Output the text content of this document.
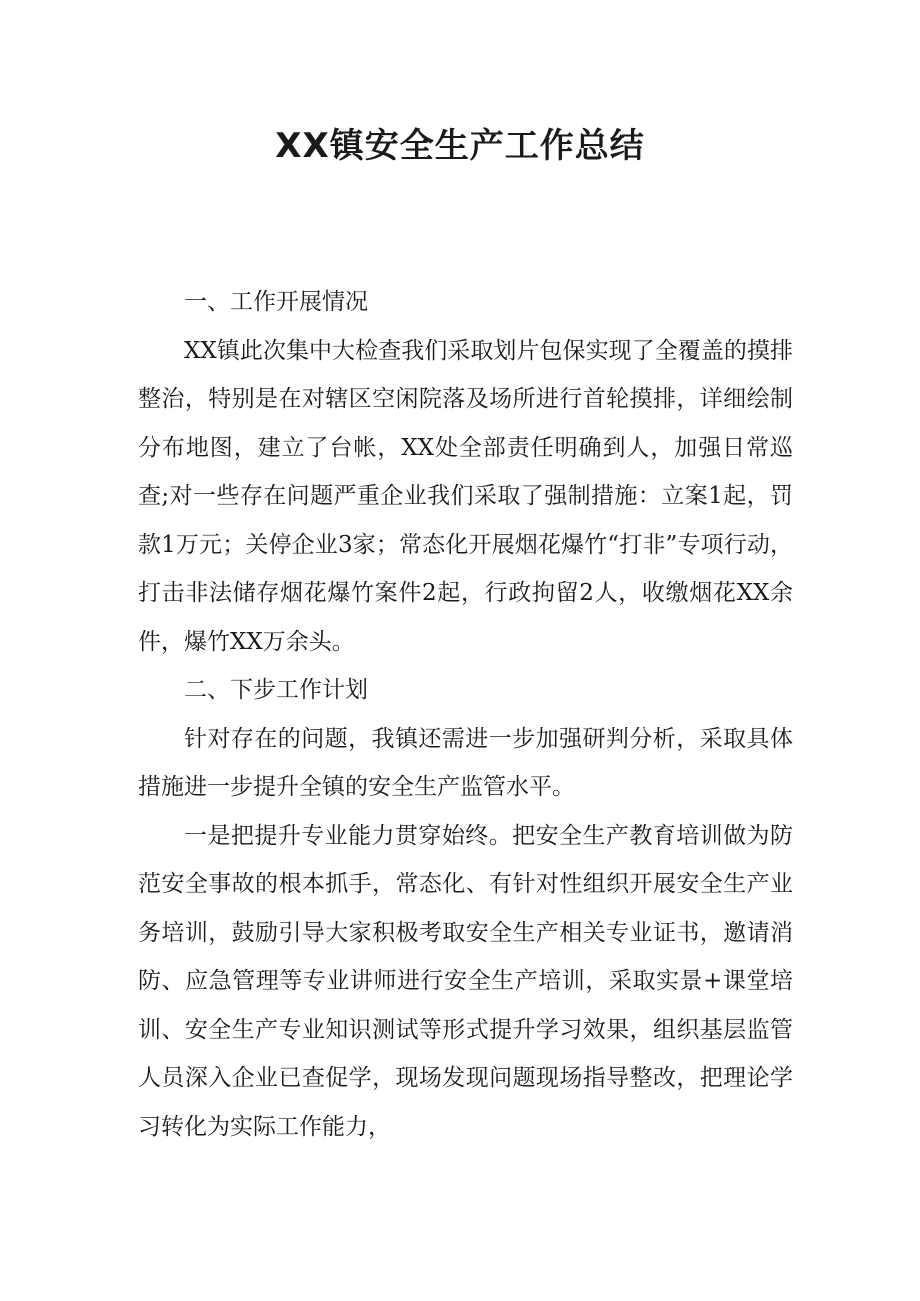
XX镇安全生产工作总结

一、工作开展情况

XX镇此次集中大检查我们采取划片包保实现了全覆盖的摸排整治，特别是在对辖区空闲院落及场所进行首轮摸排，详细绘制分布地图，建立了台帐，XX处全部责任明确到人，加强日常巡查;对一些存在问题严重企业我们采取了强制措施：立案1起，罚款1万元；关停企业3家；常态化开展烟花爆竹“打非”专项行动，打击非法储存烟花爆竹案件2起，行政拘留2人，收缴烟花XX余件，爆竹XX万余头。

二、下步工作计划

针对存在的问题，我镇还需进一步加强研判分析，采取具体措施进一步提升全镇的安全生产监管水平。

一是把提升专业能力贯穿始终。把安全生产教育培训做为防范安全事故的根本抓手，常态化、有针对性组织开展安全生产业务培训，鼓励引导大家积极考取安全生产相关专业证书，邀请消防、应急管理等专业讲师进行安全生产培训，采取实景+课堂培训、安全生产专业知识测试等形式提升学习效果，组织基层监管人员深入企业已查促学，现场发现问题现场指导整改，把理论学习转化为实际工作能力，
